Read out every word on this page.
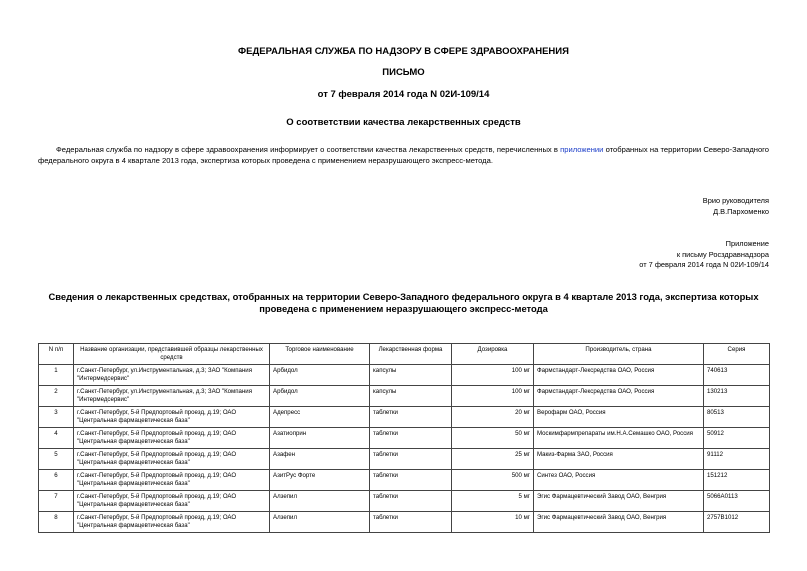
ФЕДЕРАЛЬНАЯ СЛУЖБА ПО НАДЗОРУ В СФЕРЕ ЗДРАВООХРАНЕНИЯ
ПИСЬМО
от 7 февраля 2014 года N 02И-109/14
О соответствии качества лекарственных средств
Федеральная служба по надзору в сфере здравоохранения информирует о соответствии качества лекарственных средств, перечисленных в приложении отобранных на территории Северо-Западного федерального округа в 4 квартале 2013 года, экспертиза которых проведена с применением неразрушающего экспресс-метода.
Врио руководителя
Д.В.Пархоменко
Приложение
к письму Росздравнадзора
от 7 февраля 2014 года N 02И-109/14
Сведения о лекарственных средствах, отобранных на территории Северо-Западного федерального округа в 4 квартале 2013 года, экспертиза которых проведена с применением неразрушающего экспресс-метода
N п/п	Название организации, представившей образцы лекарственных средств	Торговое наименование	Лекарственная форма	Дозировка	Производитель, страна	Серия
1	г.Санкт-Петербург, ул.Инструментальная, д.3; ЗАО "Компания "Интермедсервис"	Арбидол	капсулы	100 мг	Фармстандарт-Лексредства ОАО, Россия	740613
2	г.Санкт-Петербург, ул.Инструментальная, д.3; ЗАО "Компания "Интермедсервис"	Арбидол	капсулы	100 мг	Фармстандарт-Лексредства ОАО, Россия	130213
3	г.Санкт-Петербург, 5-й Предпортовый проезд, д.19; ОАО "Центральная фармацевтическая база"	Адепресс	таблетки	20 мг	Верофарм ОАО, Россия	80513
4	г.Санкт-Петербург, 5-й Предпортовый проезд, д.19; ОАО "Центральная фармацевтическая база"	Азатиоприн	таблетки	50 мг	Москимфармпрепараты им.Н.А.Семашко ОАО, Россия	50912
5	г.Санкт-Петербург, 5-й Предпортовый проезд, д.19; ОАО "Центральная фармацевтическая база"	Азафен	таблетки	25 мг	Макиз-Фарма ЗАО, Россия	91112
6	г.Санкт-Петербург, 5-й Предпортовый проезд, д.19; ОАО "Центральная фармацевтическая база"	АзитРус Форте	таблетки	500 мг	Синтез ОАО, Россия	151212
7	г.Санкт-Петербург, 5-й Предпортовый проезд, д.19; ОАО "Центральная фармацевтическая база"	Алзепил	таблетки	5 мг	Эгис Фармацевтический Завод ОАО, Венгрия	5066А0113
8	г.Санкт-Петербург, 5-й Предпортовый проезд, д.19; ОАО "Центральная фармацевтическая база"	Алзепил	таблетки	10 мг	Эгис Фармацевтический Завод ОАО, Венгрия	2757В1012
